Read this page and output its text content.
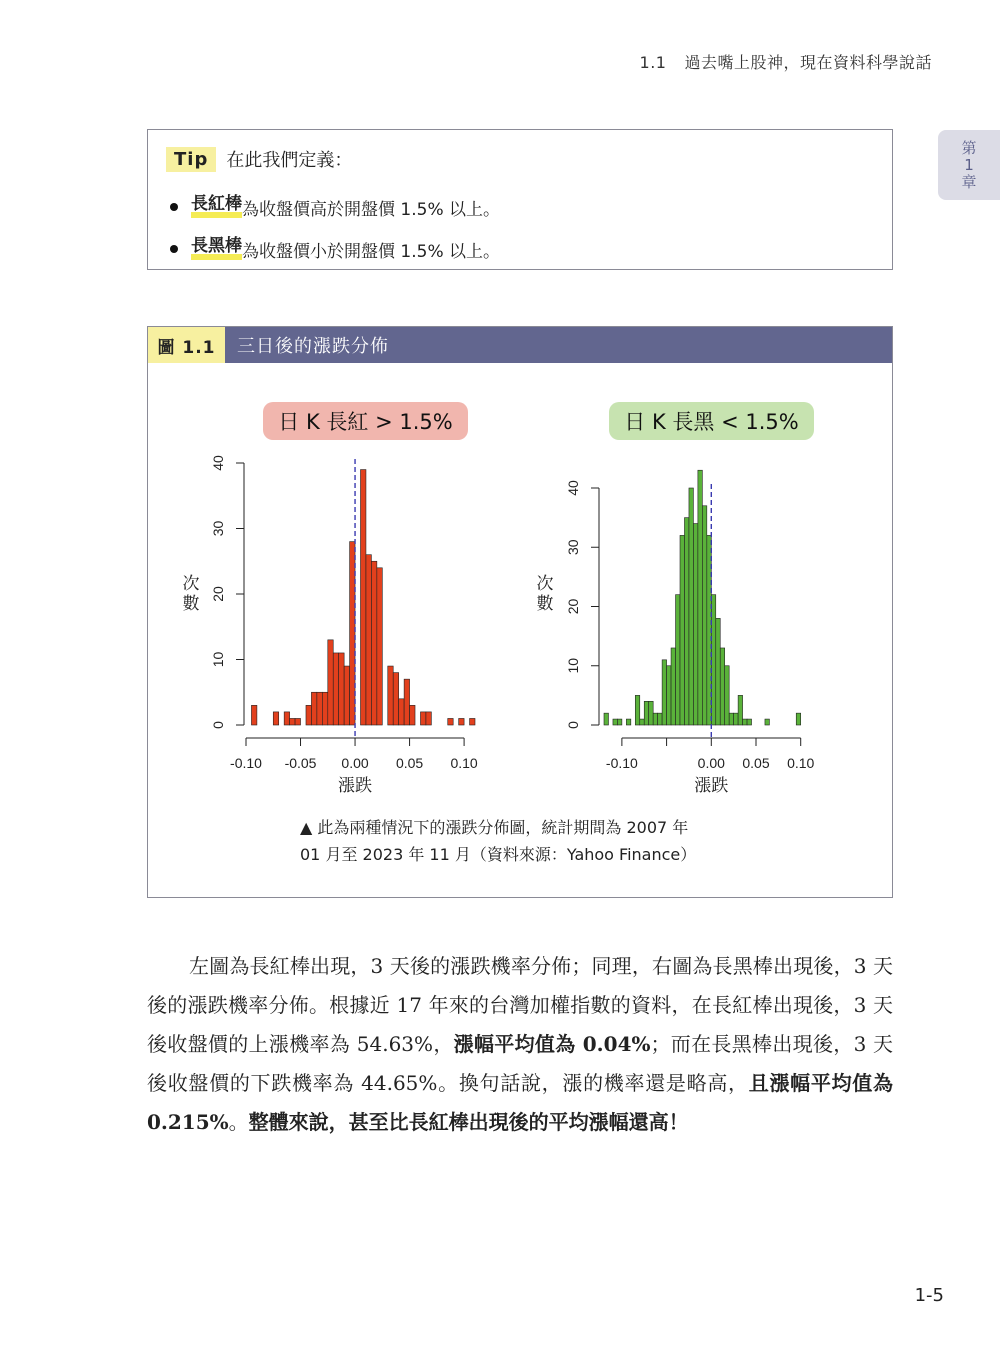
1.1 過去嘴上股神，現在資料科學說話
第
1
章
Tip	在此我們定義：
長紅棒 為收盤價高於開盤價 1.5% 以上。
長黑棒 為收盤價小於開盤價 1.5% 以上。
圖 1.1	三日後的漲跌分佈
日 K 長紅 > 1.5%	日 K 長黑 < 1.5%
0
10
20
30
40
-0.10 -0.05 0.00 0.05 0.10
漲跌
次數
0
10
20
30
40
-0.10	0.00 0.05 0.10
漲跌
次數
▲ 此為兩種情況下的漲跌分佈圖，統計期間為 2007 年
01 月至 2023 年 11 月（資料來源：Yahoo Finance）

左圖為長紅棒出現，3 天後的漲跌機率分佈；同理，右圖為長黑棒出現後，3 天後的漲跌機率分佈。根據近 17 年來的台灣加權指數的資料，在長紅棒出現後，3 天後收盤價的上漲機率為 54.63%，漲幅平均值為 0.04%；而在長黑棒出現後，3 天後收盤價的下跌機率為 44.65%。換句話說，漲的機率還是略高，且漲幅平均值為 0.215%。整體來說，甚至比長紅棒出現後的平均漲幅還高！

1-5
